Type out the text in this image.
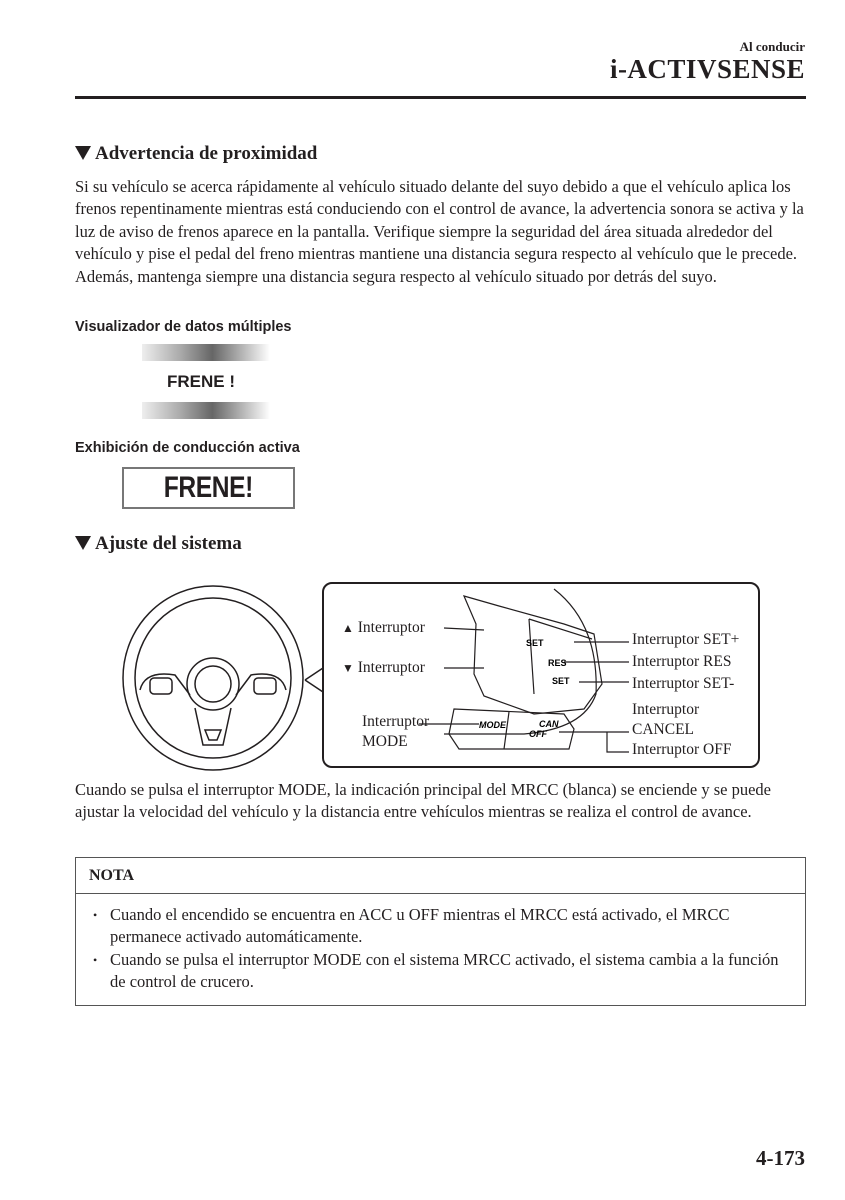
Al conducir
i-ACTIVSENSE
Advertencia de proximidad
Si su vehículo se acerca rápidamente al vehículo situado delante del suyo debido a que el vehículo aplica los frenos repentinamente mientras está conduciendo con el control de avance, la advertencia sonora se activa y la luz de aviso de frenos aparece en la pantalla. Verifique siempre la seguridad del área situada alrededor del vehículo y pise el pedal del freno mientras mantiene una distancia segura respecto al vehículo que le precede. Además, mantenga siempre una distancia segura respecto al vehículo situado por detrás del suyo.
Visualizador de datos múltiples
FRENE !
Exhibición de conducción activa
FRENE!
Ajuste del sistema
SET
RES
SET
MODE	CAN
OFF
▲ Interruptor
▼ Interruptor
Interruptor
MODE
Interruptor SET+
Interruptor RES
Interruptor SET-
Interruptor
CANCEL
Interruptor OFF
Cuando se pulsa el interruptor MODE, la indicación principal del MRCC (blanca) se enciende y se puede ajustar la velocidad del vehículo y la distancia entre vehículos mientras se realiza el control de avance.
NOTA
• Cuando el encendido se encuentra en ACC u OFF mientras el MRCC está activado, el MRCC permanece activado automáticamente.
• Cuando se pulsa el interruptor MODE con el sistema MRCC activado, el sistema cambia a la función de control de crucero.
4-173
